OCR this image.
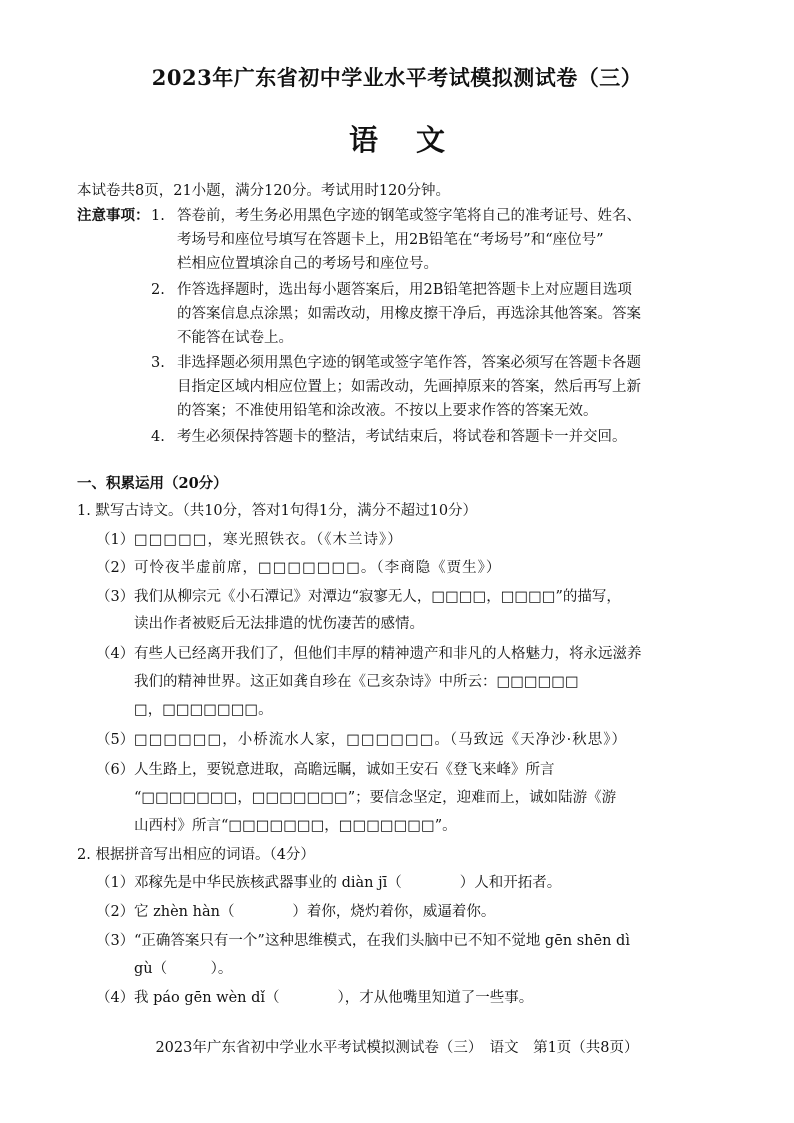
2023年广东省初中学业水平考试模拟测试卷（三）
语文
本试卷共8页，21小题，满分120分。考试用时120分钟。
注意事项： 1. 答卷前，考生务必用黑色字迹的钢笔或签字笔将自己的准考证号、姓名、
考场号和座位号填写在答题卡上，用2B铅笔在“考场号”和“座位号”
栏相应位置填涂自己的考场号和座位号。
2. 作答选择题时，选出每小题答案后，用2B铅笔把答题卡上对应题目选项
的答案信息点涂黑；如需改动，用橡皮擦干净后，再选涂其他答案。答案
不能答在试卷上。
3. 非选择题必须用黑色字迹的钢笔或签字笔作答，答案必须写在答题卡各题
目指定区域内相应位置上；如需改动，先画掉原来的答案，然后再写上新
的答案；不准使用铅笔和涂改液。不按以上要求作答的答案无效。
4. 考生必须保持答题卡的整洁，考试结束后，将试卷和答题卡一并交回。
一、积累运用（20分）
1. 默写古诗文。（共10分，答对1句得1分，满分不超过10分）
（1） □□□□□，寒光照铁衣。（《木兰诗》）
（2） 可怜夜半虚前席，□□□□□□□。（李商隐《贾生》）
（3） 我们从柳宗元《小石潭记》对潭边“寂寥无人，□□□□，□□□□”的描写，
读出作者被贬后无法排遣的忧伤凄苦的感情。
（4） 有些人已经离开我们了，但他们丰厚的精神遗产和非凡的人格魅力，将永远滋养
我们的精神世界。这正如龚自珍在《己亥杂诗》中所云：□□□□□□
□，□□□□□□□。
（5） □□□□□□，小桥流水人家，□□□□□□。（马致远《天净沙·秋思》）
（6） 人生路上，要锐意进取，高瞻远瞩，诚如王安石《登飞来峰》所言
“□□□□□□□，□□□□□□□”；要信念坚定，迎难而上，诚如陆游《游
山西村》所言“□□□□□□□，□□□□□□□”。
2. 根据拼音写出相应的词语。（4分）
（1） 邓稼先是中华民族核武器事业的 diàn jī（　　　　）人和开拓者。
（2） 它 zhèn hàn（　　　　）着你，烧灼着你，威逼着你。
（3） “正确答案只有一个”这种思维模式，在我们头脑中已不知不觉地 gēn shēn dì
gù（　　　）。
（4） 我 páo gēn wèn dǐ（　　　　），才从他嘴里知道了一些事。
2023年广东省初中学业水平考试模拟测试卷（三）　语文　第1页（共8页）
